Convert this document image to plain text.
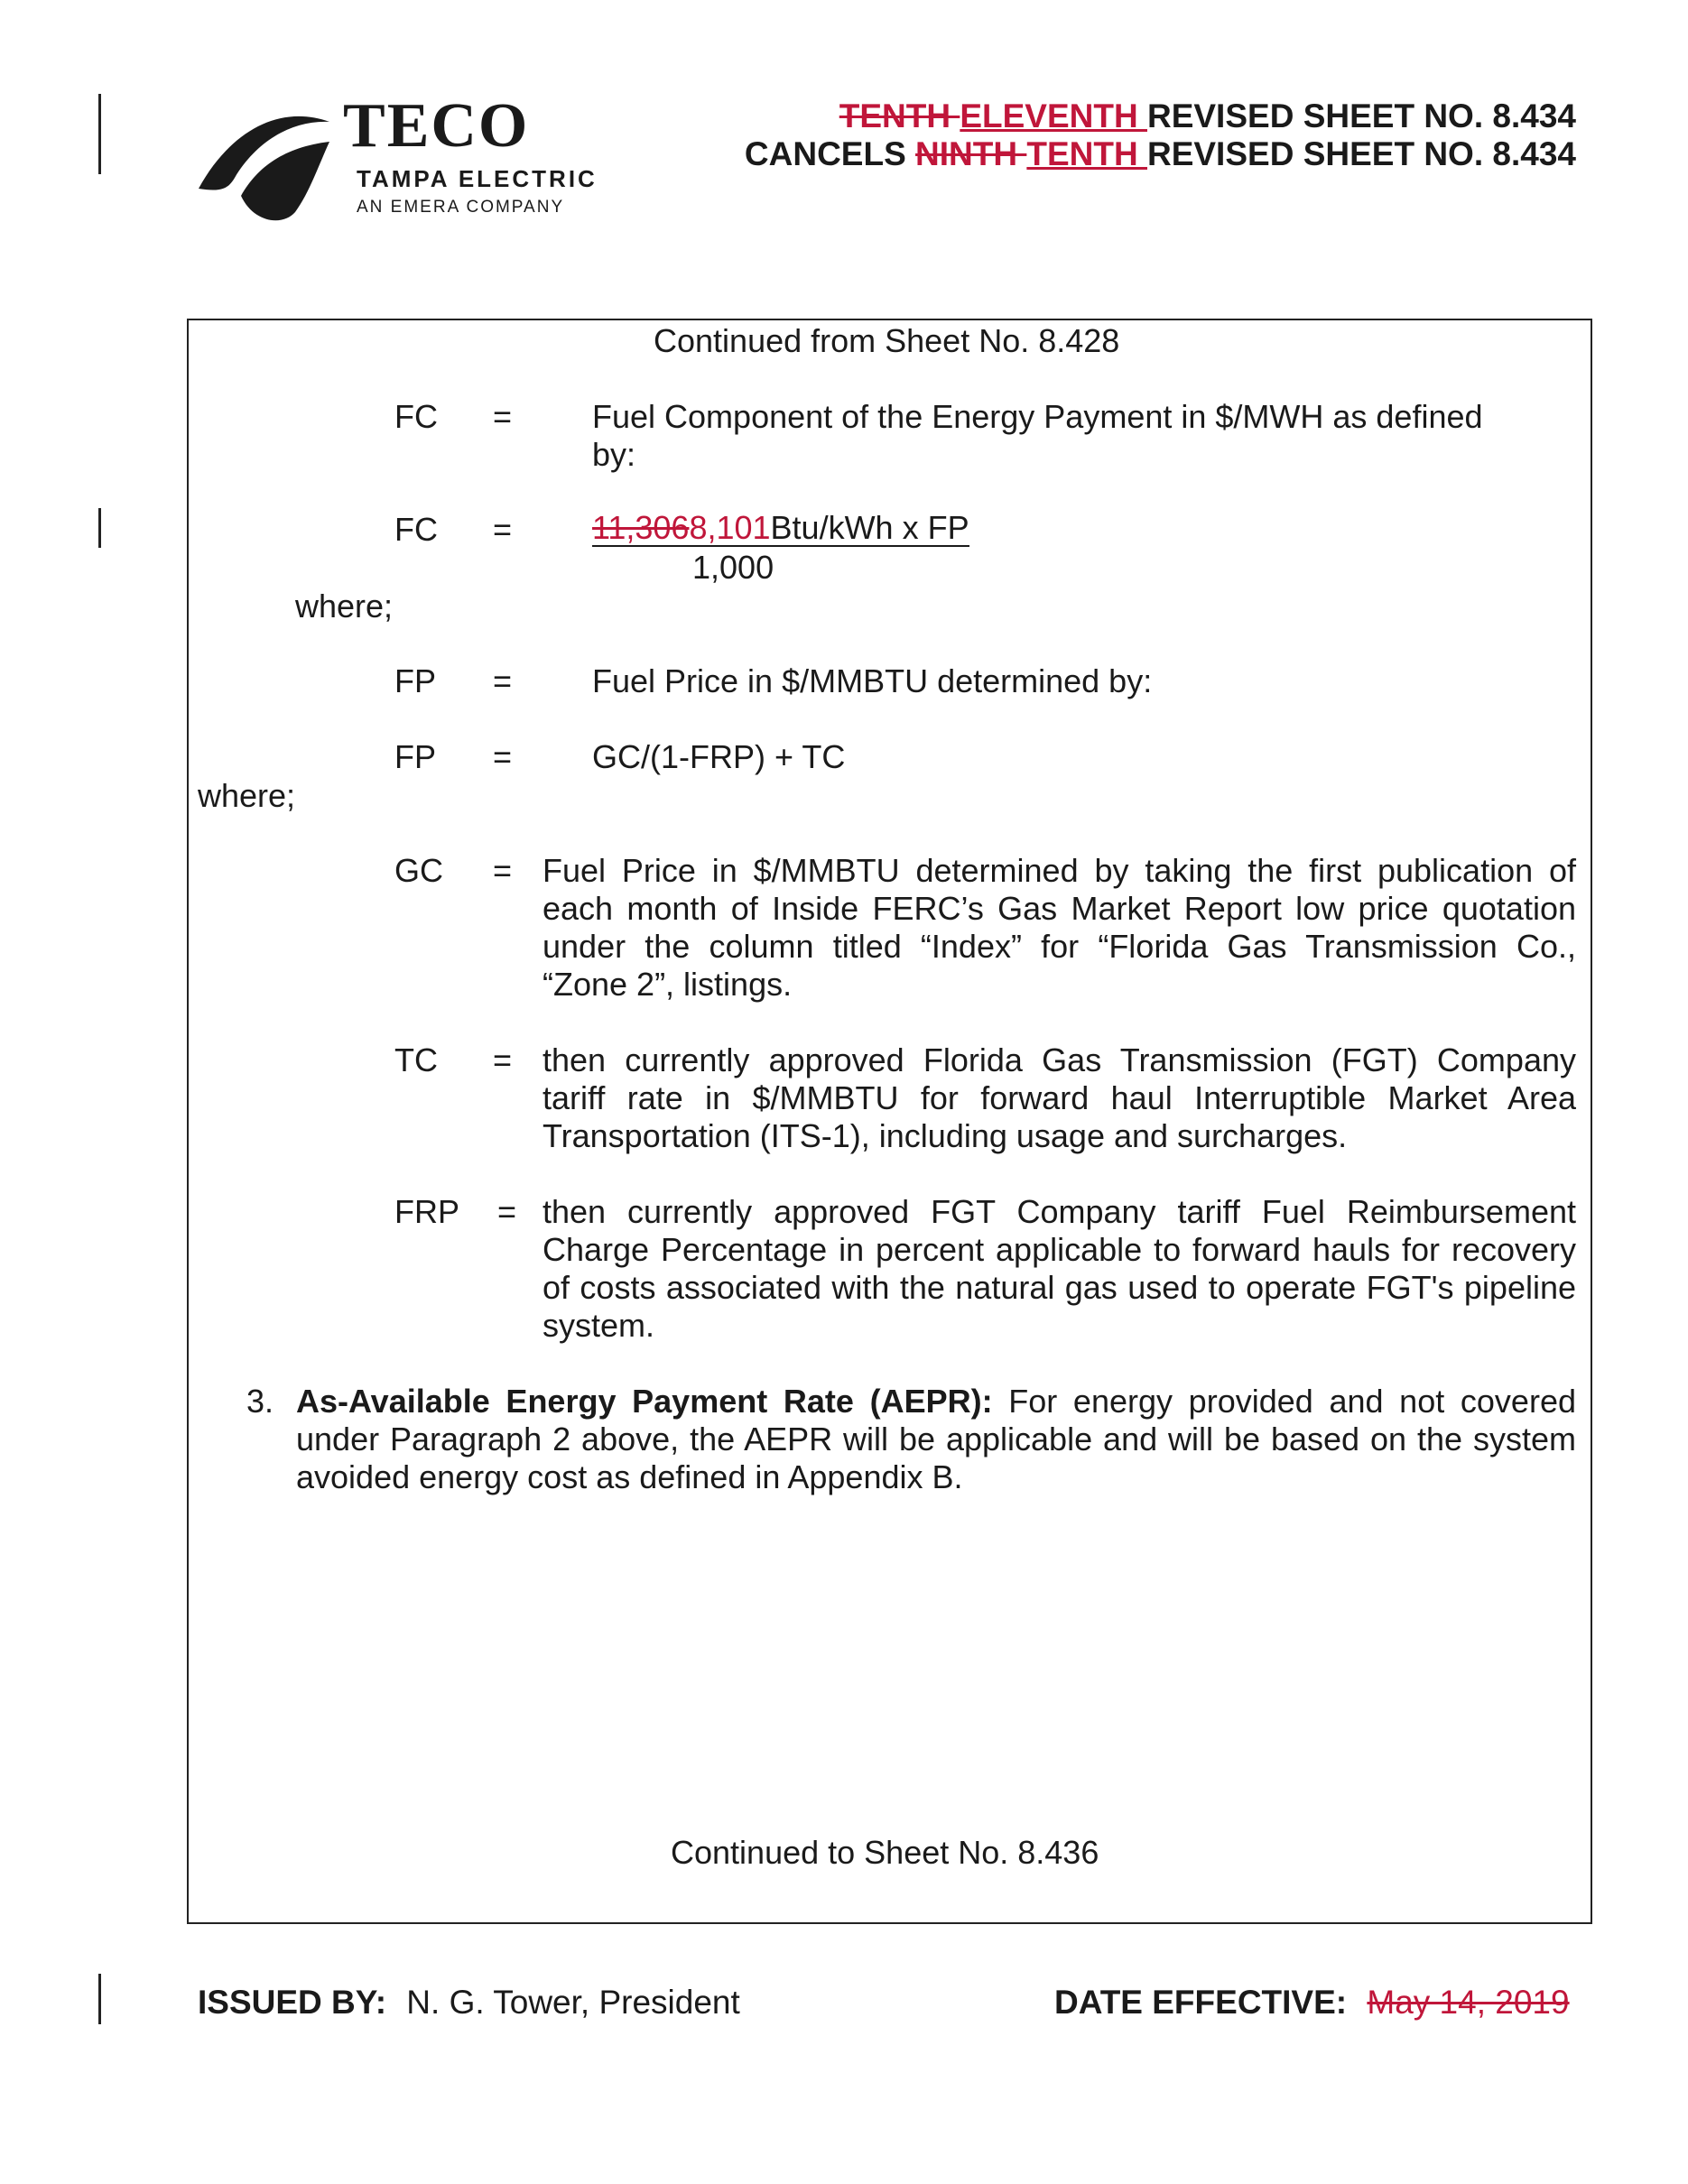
TECO
TAMPA ELECTRIC
AN EMERA COMPANY
TENTH ELEVENTH REVISED SHEET NO. 8.434
CANCELS NINTH TENTH REVISED SHEET NO. 8.434
Continued from Sheet No. 8.428
FC = Fuel Component of the Energy Payment in $/MWH as defined by:
FC = 11,3068,101Btu/kWh x FP
1,000
where;
FP = Fuel Price in $/MMBTU determined by:
FP = GC/(1-FRP) + TC
where;
GC = Fuel Price in $/MMBTU determined by taking the first publication of each month of Inside FERC’s Gas Market Report low price quotation under the column titled “Index” for “Florida Gas Transmission Co., “Zone 2”, listings.
TC = then currently approved Florida Gas Transmission (FGT) Company tariff rate in $/MMBTU for forward haul Interruptible Market Area Transportation (ITS-1), including usage and surcharges.
FRP = then currently approved FGT Company tariff Fuel Reimbursement Charge Percentage in percent applicable to forward hauls for recovery of costs associated with the natural gas used to operate FGT's pipeline system.
3. As-Available Energy Payment Rate (AEPR): For energy provided and not covered under Paragraph 2 above, the AEPR will be applicable and will be based on the system avoided energy cost as defined in Appendix B.
Continued to Sheet No. 8.436
ISSUED BY: N. G. Tower, President	DATE EFFECTIVE: May 14, 2019
